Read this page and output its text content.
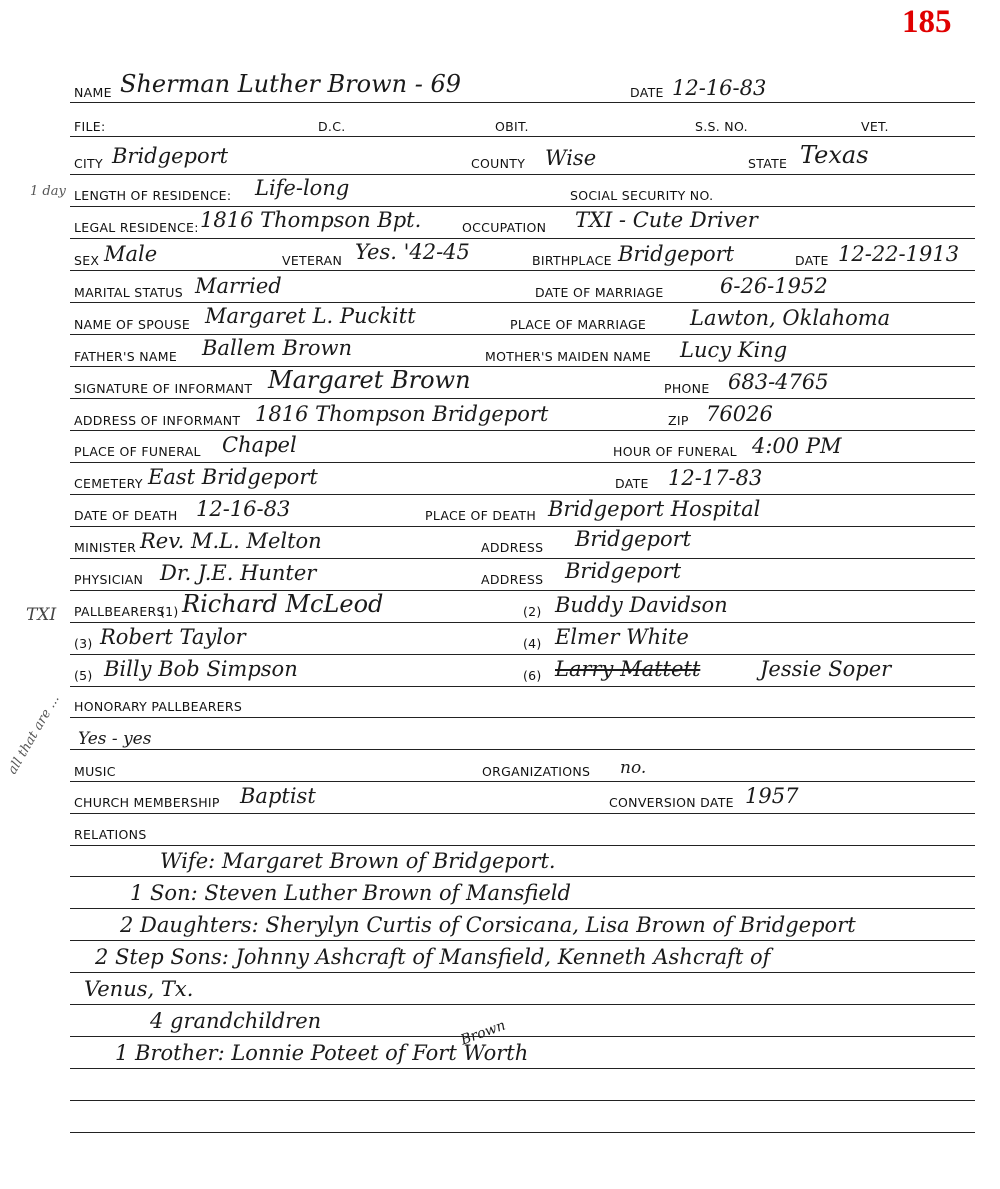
185
NAME Sherman Luther Brown - 69	DATE 12-16-83
FILE:	D.C.	OBIT.	S.S. NO.	VET.
CITY Bridgeport	COUNTY Wise	STATE Texas
1 day LENGTH OF RESIDENCE: Life-long	SOCIAL SECURITY NO.
LEGAL RESIDENCE: 1816 Thompson Bpt.	OCCUPATION TXI - Cute Driver
SEX Male	VETERAN Yes. '42-45	BIRTHPLACE Bridgeport	DATE 12-22-1913
MARITAL STATUS Married	DATE OF MARRIAGE	6-26-1952
NAME OF SPOUSE Margaret L. Puckitt	PLACE OF MARRIAGE Lawton, Oklahoma
FATHER'S NAME Ballem Brown	MOTHER'S MAIDEN NAME Lucy King
SIGNATURE OF INFORMANT Margaret Brown	PHONE 683-4765
ADDRESS OF INFORMANT 1816 Thompson Bridgeport	ZIP 76026
PLACE OF FUNERAL Chapel	HOUR OF FUNERAL 4:00 PM
CEMETERY East Bridgeport	DATE 12-17-83
DATE OF DEATH 12-16-83	PLACE OF DEATH Bridgeport Hospital
MINISTER Rev. M.L. Melton	ADDRESS Bridgeport
PHYSICIAN Dr. J.E. Hunter	ADDRESS Bridgeport
TXI PALLBEARERS
(1) Richard McLeod	(2) Buddy Davidson
(3) Robert Taylor	(4) Elmer White
(5) Billy Bob Simpson	(6) Larry Mattett	Jessie Soper
HONORARY PALLBEARERS
Yes - yes
all that are ... MUSIC	ORGANIZATIONS no.
CHURCH MEMBERSHIP Baptist	CONVERSION DATE 1957
RELATIONS
Wife: Margaret Brown of Bridgeport.
1 Son: Steven Luther Brown of Mansfield
2 Daughters: Sherylyn Curtis of Corsicana, Lisa Brown of Bridgeport
2 Step Sons: Johnny Ashcraft of Mansfield, Kenneth Ashcraft of
Venus, Tx.
4 grandchildren	Brown
1 Brother: Lonnie Poteet of Fort Worth
